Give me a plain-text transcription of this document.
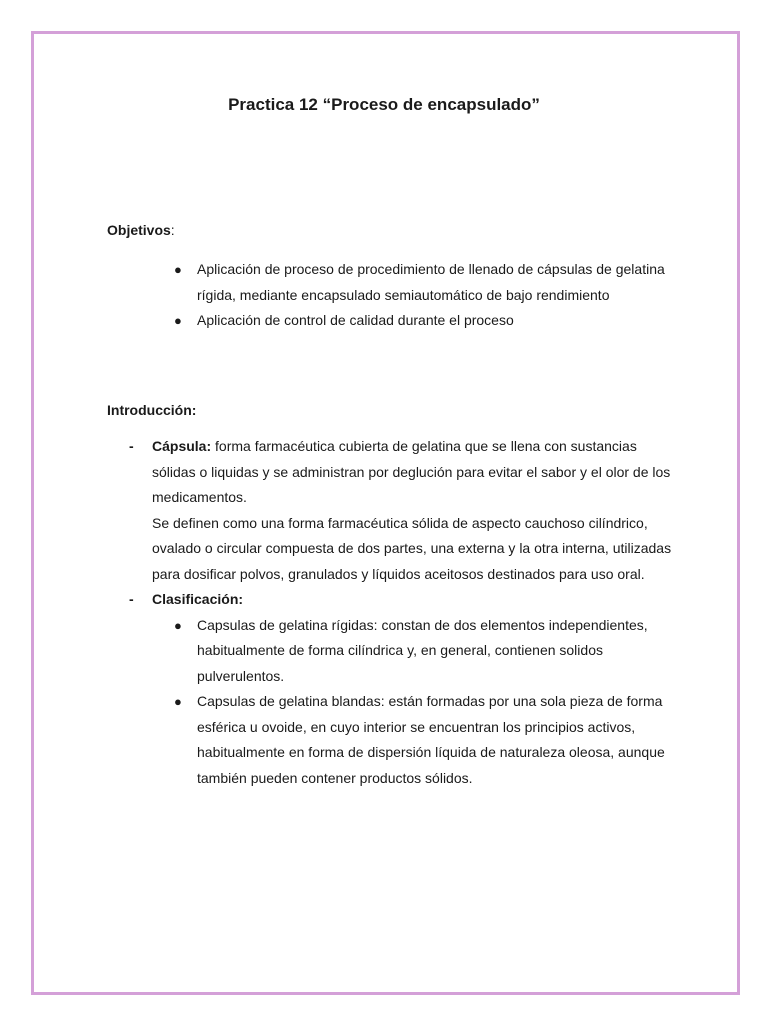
Practica 12 “Proceso de encapsulado”
Objetivos:
● Aplicación de proceso de procedimiento de llenado de cápsulas de gelatina rígida, mediante encapsulado semiautomático de bajo rendimiento
● Aplicación de control de calidad durante el proceso
Introducción:
- Cápsula: forma farmacéutica cubierta de gelatina que se llena con sustancias sólidas o liquidas y se administran por deglución para evitar el sabor y el olor de los medicamentos.
Se definen como una forma farmacéutica sólida de aspecto cauchoso cilíndrico, ovalado o circular compuesta de dos partes, una externa y la otra interna, utilizadas para dosificar polvos, granulados y líquidos aceitosos destinados para uso oral.
- Clasificación:
● Capsulas de gelatina rígidas: constan de dos elementos independientes, habitualmente de forma cilíndrica y, en general, contienen solidos pulverulentos.
● Capsulas de gelatina blandas: están formadas por una sola pieza de forma esférica u ovoide, en cuyo interior se encuentran los principios activos, habitualmente en forma de dispersión líquida de naturaleza oleosa, aunque también pueden contener productos sólidos.
